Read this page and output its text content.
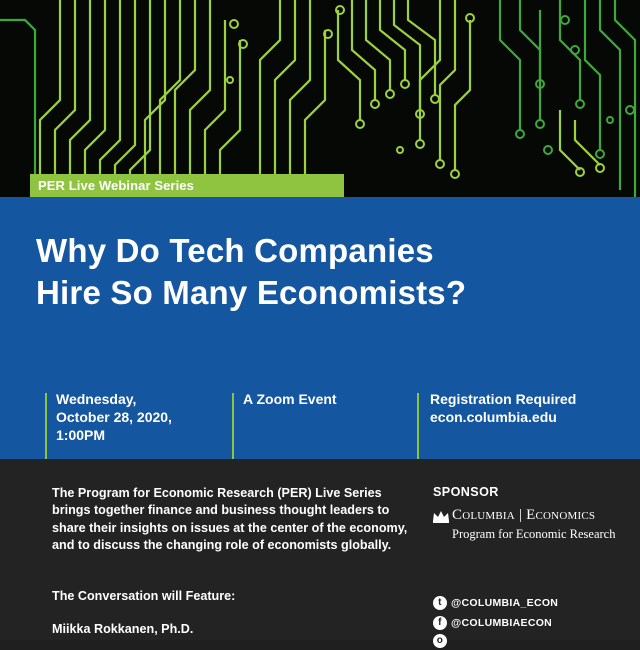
PER Live Webinar Series
Why Do Tech Companies
Hire So Many Economists?
Wednesday,
October 28, 2020,
1:00PM
A Zoom Event	Registration Required
econ.columbia.edu
The Program for Economic Research (PER) Live Series brings together finance and business thought leaders to share their insights on issues at the center of the economy, and to discuss the changing role of economists globally.
The Conversation will Feature:
Miikka Rokkanen, Ph.D.
SPONSOR
Columbia | Economics
Program for Economic Research
t @COLUMBIA_ECON
f @COLUMBIAECON
o
